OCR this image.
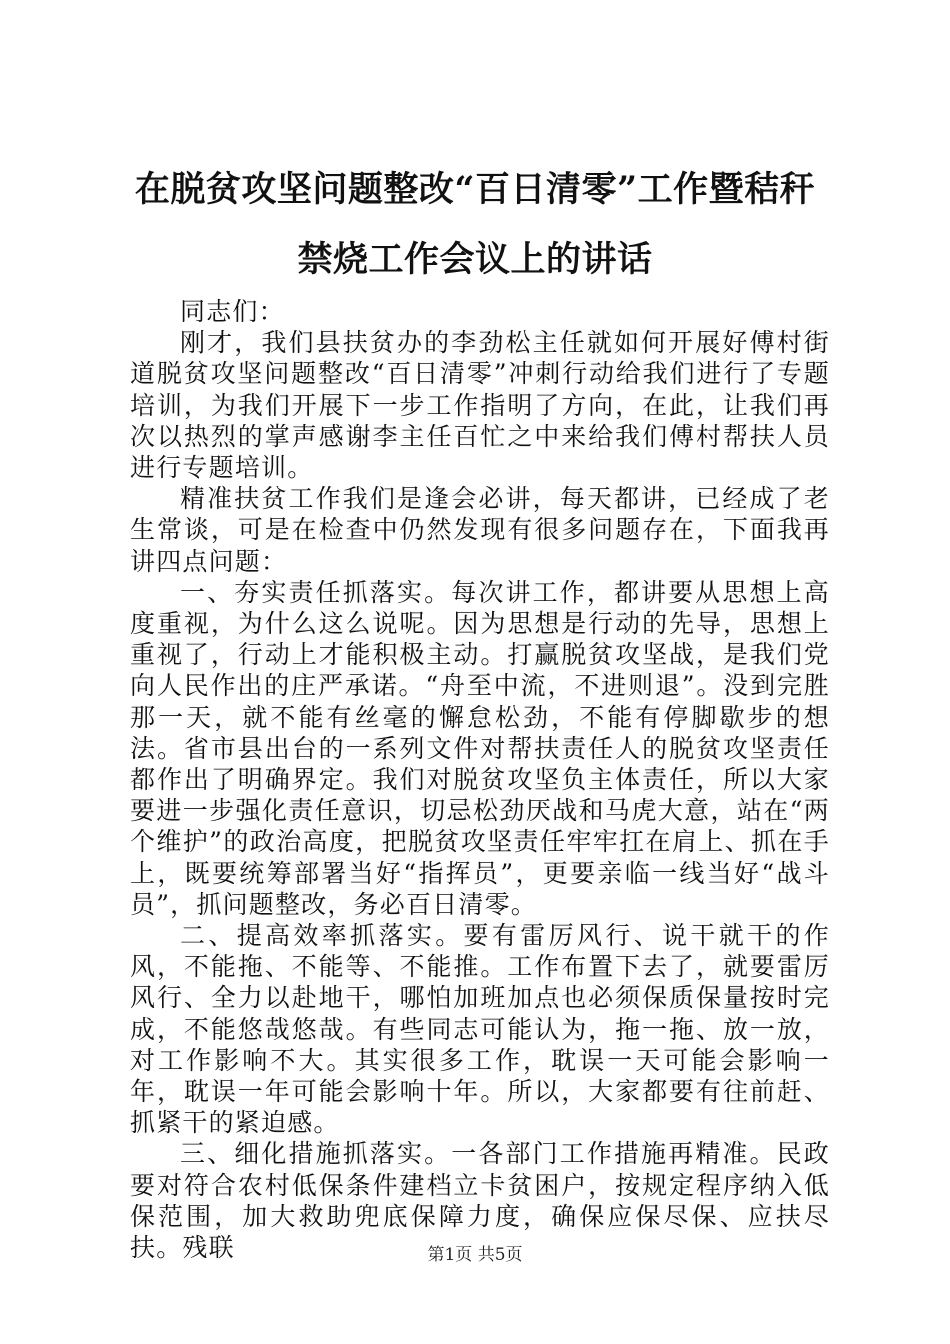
在脱贫攻坚问题整改“百日清零”工作暨秸秆禁烧工作会议上的讲话

同志们：

刚才，我们县扶贫办的李劲松主任就如何开展好傅村街道脱贫攻坚问题整改“百日清零”冲刺行动给我们进行了专题培训，为我们开展下一步工作指明了方向，在此，让我们再次以热烈的掌声感谢李主任百忙之中来给我们傅村帮扶人员进行专题培训。

精准扶贫工作我们是逢会必讲，每天都讲，已经成了老生常谈，可是在检查中仍然发现有很多问题存在，下面我再讲四点问题：

一、夯实责任抓落实。每次讲工作，都讲要从思想上高度重视，为什么这么说呢。因为思想是行动的先导，思想上重视了，行动上才能积极主动。打赢脱贫攻坚战，是我们党向人民作出的庄严承诺。“舟至中流，不进则退”。没到完胜那一天，就不能有丝毫的懈怠松劲，不能有停脚歇步的想法。省市县出台的一系列文件对帮扶责任人的脱贫攻坚责任都作出了明确界定。我们对脱贫攻坚负主体责任，所以大家要进一步强化责任意识，切忌松劲厌战和马虎大意，站在“两个维护”的政治高度，把脱贫攻坚责任牢牢扛在肩上、抓在手上，既要统筹部署当好“指挥员”，更要亲临一线当好“战斗员”，抓问题整改，务必百日清零。

二、提高效率抓落实。要有雷厉风行、说干就干的作风，不能拖、不能等、不能推。工作布置下去了，就要雷厉风行、全力以赴地干，哪怕加班加点也必须保质保量按时完成，不能悠哉悠哉。有些同志可能认为，拖一拖、放一放，对工作影响不大。其实很多工作，耽误一天可能会影响一年，耽误一年可能会影响十年。所以，大家都要有往前赶、抓紧干的紧迫感。

三、细化措施抓落实。一各部门工作措施再精准。民政要对符合农村低保条件建档立卡贫困户，按规定程序纳入低保范围，加大救助兜底保障力度，确保应保尽保、应扶尽扶。残联	第1页 共5页
